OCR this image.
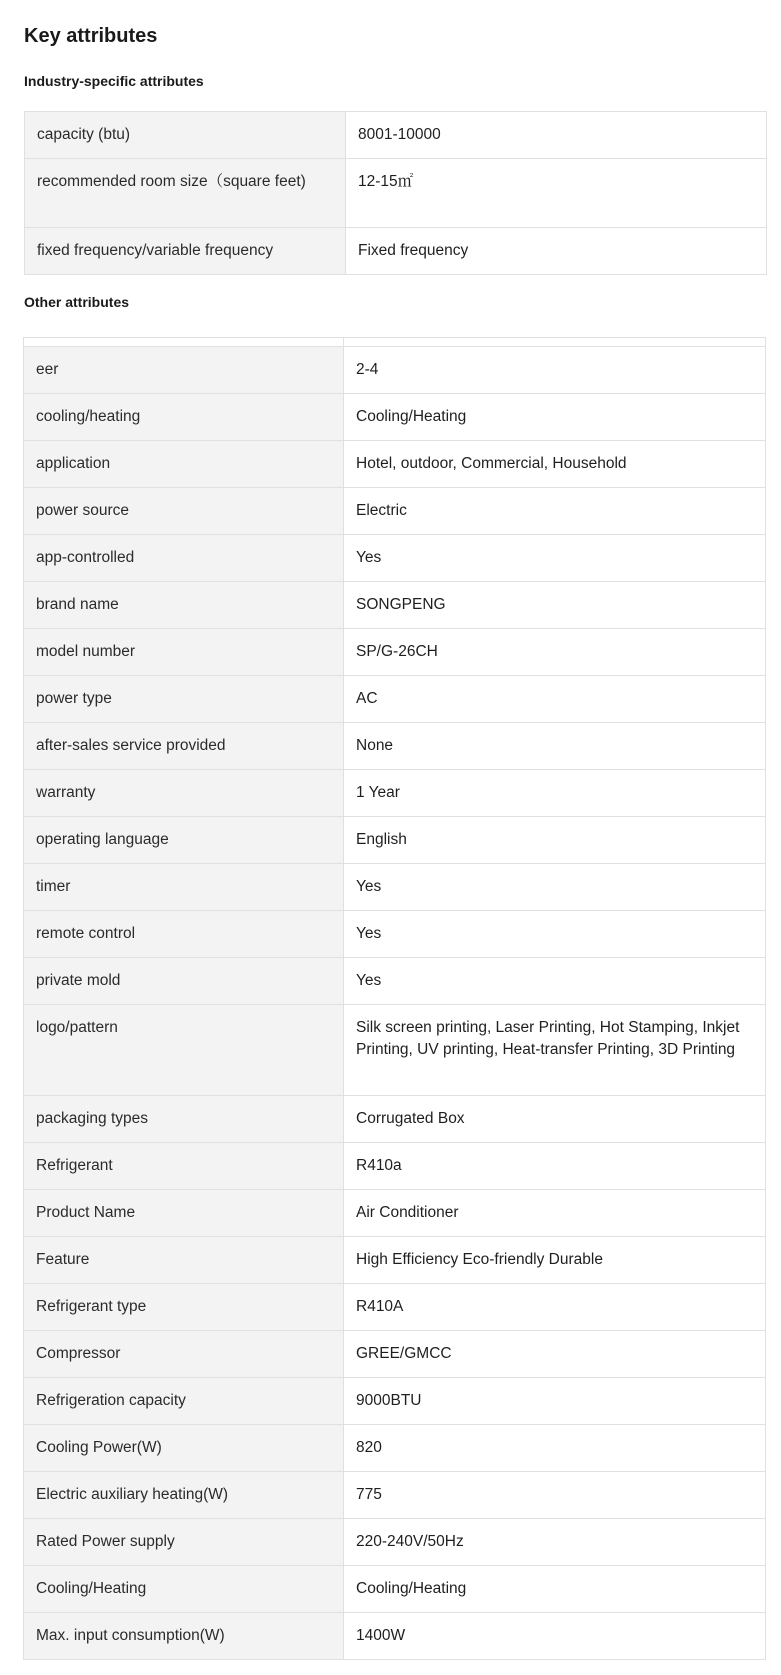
Key attributes
Industry-specific attributes
capacity (btu)	8001-10000
recommended room size（square feet)	12-15㎡
fixed frequency/variable frequency	Fixed frequency
Other attributes

eer	2-4
cooling/heating	Cooling/Heating
application	Hotel, outdoor, Commercial, Household
power source	Electric
app-controlled	Yes
brand name	SONGPENG
model number	SP/G-26CH
power type	AC
after-sales service provided	None
warranty	1 Year
operating language	English
timer	Yes
remote control	Yes
private mold	Yes
logo/pattern	Silk screen printing, Laser Printing, Hot Stamping, Inkjet Printing, UV printing, Heat-transfer Printing, 3D Printing
packaging types	Corrugated Box
Refrigerant	R410a
Product Name	Air Conditioner
Feature	High Efficiency Eco-friendly Durable
Refrigerant type	R410A
Compressor	GREE/GMCC
Refrigeration capacity	9000BTU
Cooling Power(W)	820
Electric auxiliary heating(W)	775
Rated Power supply	220-240V/50Hz
Cooling/Heating	Cooling/Heating
Max. input consumption(W)	1400W
